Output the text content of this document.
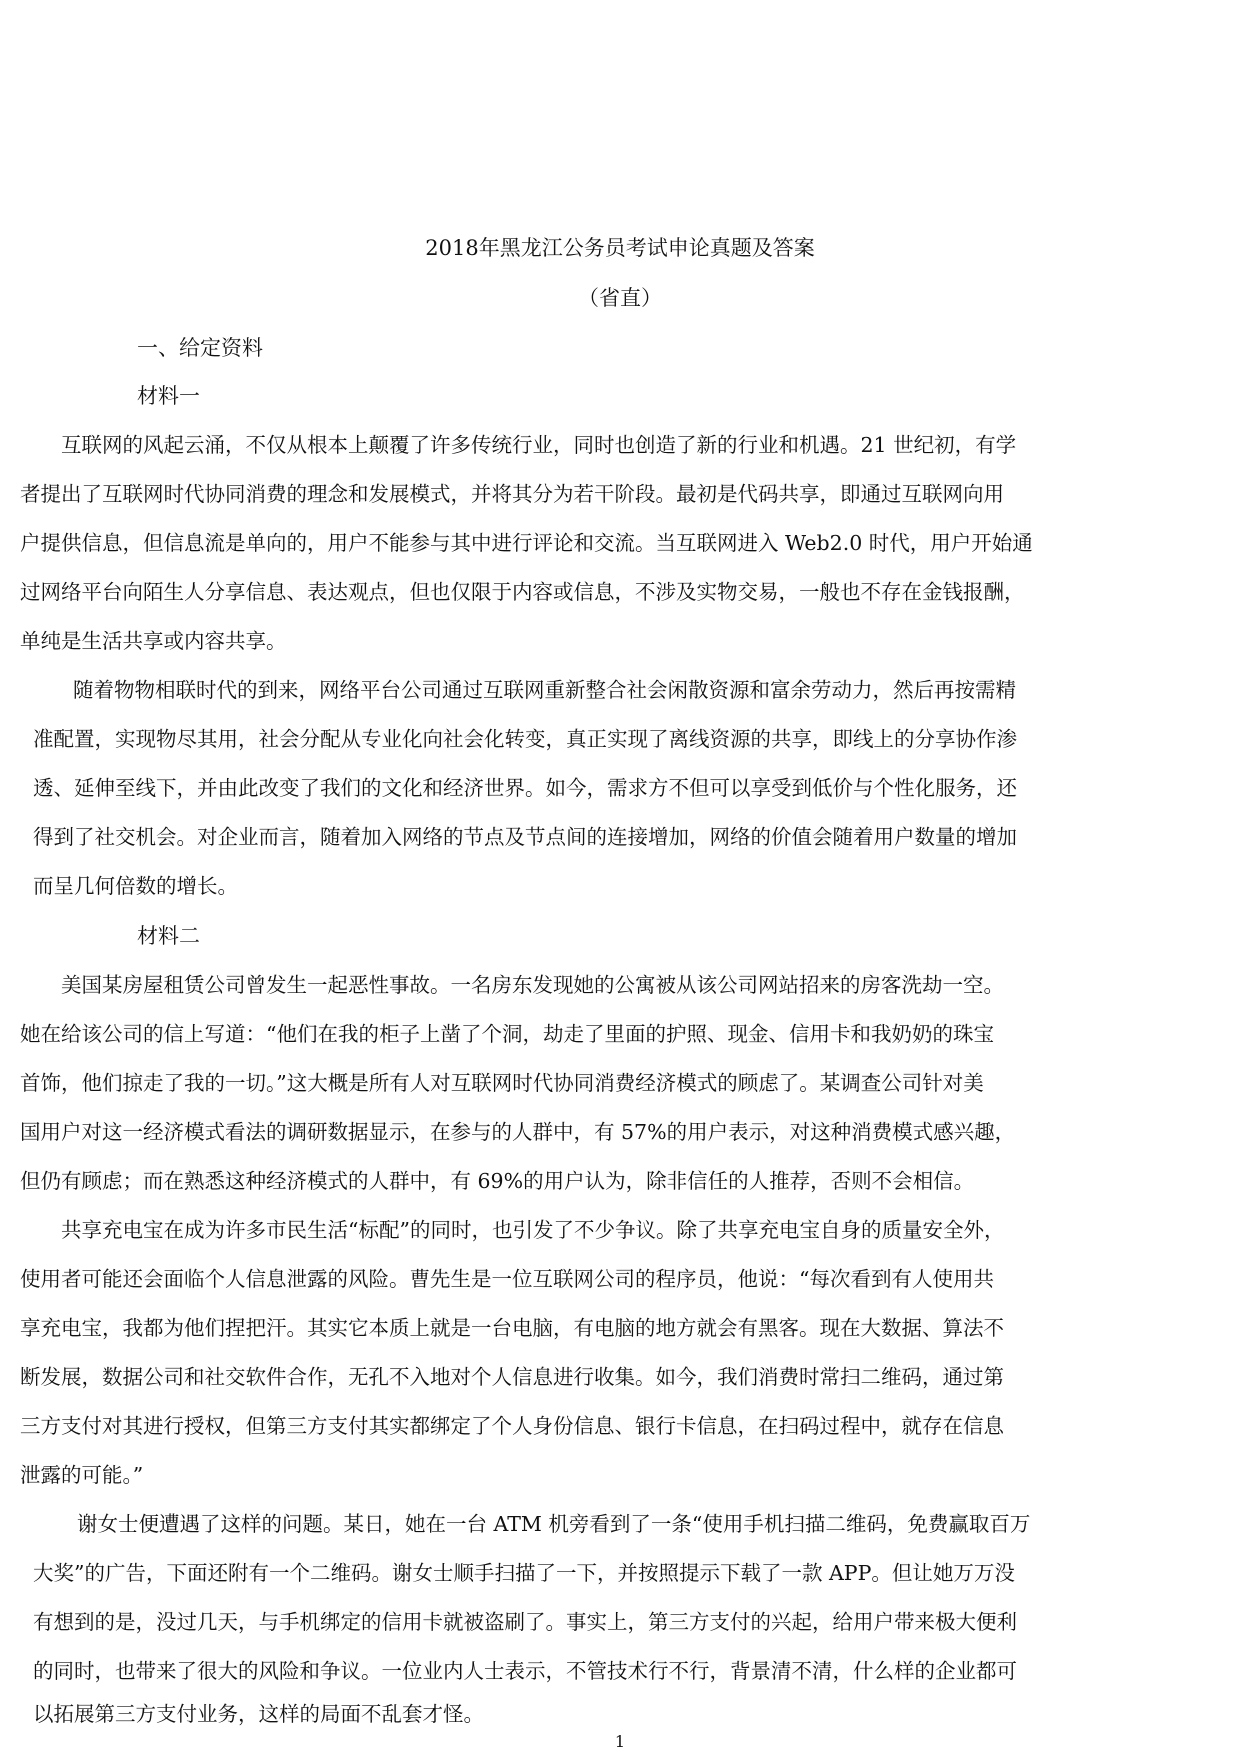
2018年黑龙江公务员考试申论真题及答案
（省直）
一、给定资料
材料一
互联网的风起云涌，不仅从根本上颠覆了许多传统行业，同时也创造了新的行业和机遇。21 世纪初，有学
者提出了互联网时代协同消费的理念和发展模式，并将其分为若干阶段。最初是代码共享，即通过互联网向用
户提供信息，但信息流是单向的，用户不能参与其中进行评论和交流。当互联网进入 Web2.0 时代，用户开始通
过网络平台向陌生人分享信息、表达观点，但也仅限于内容或信息，不涉及实物交易，一般也不存在金钱报酬，
单纯是生活共享或内容共享。
随着物物相联时代的到来，网络平台公司通过互联网重新整合社会闲散资源和富余劳动力，然后再按需精
准配置，实现物尽其用，社会分配从专业化向社会化转变，真正实现了离线资源的共享，即线上的分享协作渗
透、延伸至线下，并由此改变了我们的文化和经济世界。如今，需求方不但可以享受到低价与个性化服务，还
得到了社交机会。对企业而言，随着加入网络的节点及节点间的连接增加，网络的价值会随着用户数量的增加
而呈几何倍数的增长。
材料二
美国某房屋租赁公司曾发生一起恶性事故。一名房东发现她的公寓被从该公司网站招来的房客洗劫一空。
她在给该公司的信上写道：“他们在我的柜子上凿了个洞，劫走了里面的护照、现金、信用卡和我奶奶的珠宝
首饰，他们掠走了我的一切。”这大概是所有人对互联网时代协同消费经济模式的顾虑了。某调查公司针对美
国用户对这一经济模式看法的调研数据显示，在参与的人群中，有 57%的用户表示，对这种消费模式感兴趣，
但仍有顾虑；而在熟悉这种经济模式的人群中，有 69%的用户认为，除非信任的人推荐，否则不会相信。
共享充电宝在成为许多市民生活“标配”的同时，也引发了不少争议。除了共享充电宝自身的质量安全外，
使用者可能还会面临个人信息泄露的风险。曹先生是一位互联网公司的程序员，他说：“每次看到有人使用共
享充电宝，我都为他们捏把汗。其实它本质上就是一台电脑，有电脑的地方就会有黑客。现在大数据、算法不
断发展，数据公司和社交软件合作，无孔不入地对个人信息进行收集。如今，我们消费时常扫二维码，通过第
三方支付对其进行授权，但第三方支付其实都绑定了个人身份信息、银行卡信息，在扫码过程中，就存在信息
泄露的可能。”
谢女士便遭遇了这样的问题。某日，她在一台 ATM 机旁看到了一条“使用手机扫描二维码，免费赢取百万
大奖”的广告，下面还附有一个二维码。谢女士顺手扫描了一下，并按照提示下载了一款 APP。但让她万万没
有想到的是，没过几天，与手机绑定的信用卡就被盗刷了。事实上，第三方支付的兴起，给用户带来极大便利
的同时，也带来了很大的风险和争议。一位业内人士表示，不管技术行不行，背景清不清，什么样的企业都可
以拓展第三方支付业务，这样的局面不乱套才怪。
1
